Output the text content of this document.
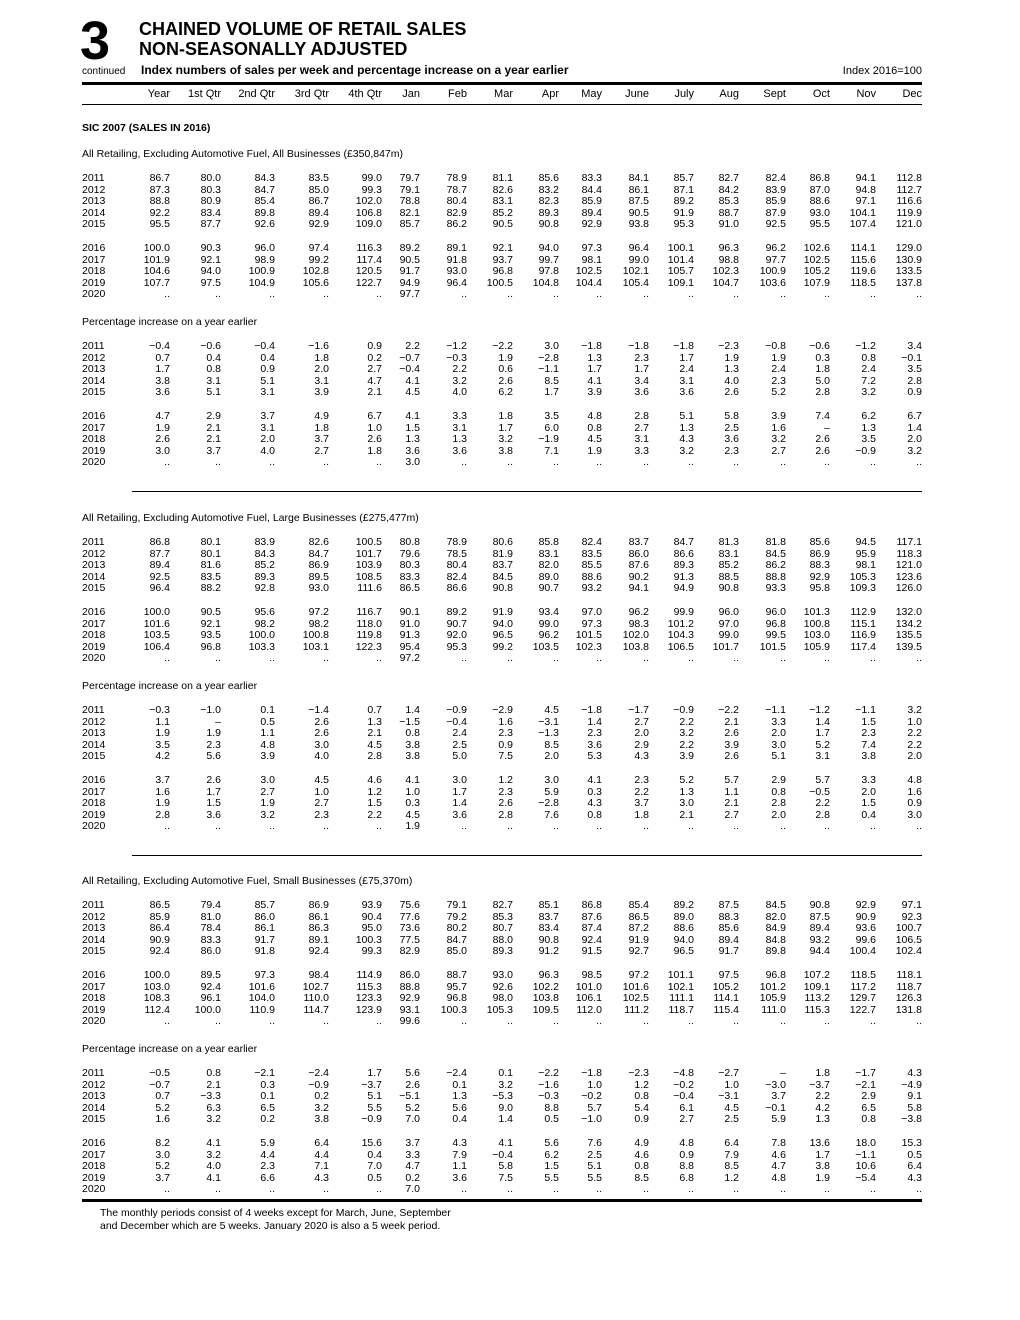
3 CHAINED VOLUME OF RETAIL SALES
NON-SEASONALLY ADJUSTED
continued Index numbers of sales per week and percentage increase on a year earlier	Index 2016=100
Year 1st Qtr 2nd Qtr 3rd Qtr 4th Qtr Jan	Feb Mar	Apr May June July Aug Sept Oct Nov Dec
SIC 2007 (SALES IN 2016)
All Retailing, Excluding Automotive Fuel, All Businesses (£350,847m)
2011	86.7	80.0	84.3	83.5	99.0 79.7	78.9 81.1 85.6 83.3	84.1 85.7 82.7	82.4 86.8 94.1 112.8
2012	87.3	80.3	84.7	85.0	99.3 79.1	78.7 82.6 83.2 84.4	86.1 87.1 84.2	83.9 87.0 94.8 112.7
2013	88.8	80.9	85.4	86.7	102.0 78.8	80.4 83.1 82.3 85.9	87.5 89.2 85.3	85.9 88.6 97.1 116.6
2014	92.2	83.4	89.8	89.4	106.8 82.1	82.9 85.2 89.3 89.4	90.5 91.9 88.7	87.9 93.0 104.1 119.9
2015	95.5	87.7	92.6	92.9	109.0 85.7	86.2 90.5 90.8 92.9	93.8 95.3 91.0	92.5 95.5 107.4 121.0
2016	100.0	90.3	96.0	97.4	116.3 89.2	89.1 92.1 94.0 97.3	96.4 100.1 96.3	96.2 102.6 114.1 129.0
2017	101.9	92.1	98.9	99.2	117.4 90.5	91.8 93.7 99.7 98.1	99.0 101.4 98.8	97.7 102.5 115.6 130.9
2018	104.6	94.0	100.9	102.8	120.5 91.7	93.0 96.8 97.8 102.5 102.1 105.7 102.3 100.9 105.2 119.6 133.5
2019	107.7	97.5	104.9	105.6	122.7 94.9	96.4 100.5 104.8 104.4 105.4 109.1 104.7 103.6 107.9 118.5 137.8
2020	..	..	..	..	.. 97.7	..	..	..	..	..	..	..	..	..	..	..
Percentage increase on a year earlier
2011	−0.4	−0.6	−0.4	−1.6	0.9 2.2	−1.2 −2.2	3.0 −1.8	−1.8 −1.8 −2.3	−0.8 −0.6 −1.2	3.4
2012	0.7	0.4	0.4	1.8	0.2 −0.7	−0.3	1.9 −2.8	1.3	2.3	1.7	1.9	1.9	0.3	0.8 −0.1
2013	1.7	0.8	0.9	2.0	2.7 −0.4	2.2	0.6 −1.1	1.7	1.7	2.4	1.3	2.4	1.8	2.4	3.5
2014	3.8	3.1	5.1	3.1	4.7 4.1	3.2	2.6	8.5	4.1	3.4	3.1	4.0	2.3	5.0	7.2	2.8
2015	3.6	5.1	3.1	3.9	2.1 4.5	4.0	6.2	1.7	3.9	3.6	3.6	2.6	5.2	2.8	3.2	0.9
2016	4.7	2.9	3.7	4.9	6.7 4.1	3.3	1.8	3.5	4.8	2.8	5.1	5.8	3.9	7.4	6.2	6.7
2017	1.9	2.1	3.1	1.8	1.0 1.5	3.1	1.7	6.0	0.8	2.7	1.3	2.5	1.6	–	1.3	1.4
2018	2.6	2.1	2.0	3.7	2.6 1.3	1.3	3.2 −1.9	4.5	3.1	4.3	3.6	3.2	2.6	3.5	2.0
2019	3.0	3.7	4.0	2.7	1.8 3.6	3.6	3.8	7.1	1.9	3.3	3.2	2.3	2.7	2.6 −0.9	3.2
2020	..	..	..	..	.. 3.0	..	..	..	..	..	..	..	..	..	..	..
All Retailing, Excluding Automotive Fuel, Large Businesses (£275,477m)
2011	86.8	80.1	83.9	82.6	100.5 80.8	78.9 80.6 85.8 82.4	83.7 84.7 81.3	81.8 85.6 94.5 117.1
2012	87.7	80.1	84.3	84.7	101.7 79.6	78.5 81.9 83.1 83.5	86.0 86.6 83.1	84.5 86.9 95.9 118.3
2013	89.4	81.6	85.2	86.9	103.9 80.3	80.4 83.7 82.0 85.5	87.6 89.3 85.2	86.2 88.3 98.1 121.0
2014	92.5	83.5	89.3	89.5	108.5 83.3	82.4 84.5 89.0 88.6	90.2 91.3 88.5	88.8 92.9 105.3 123.6
2015	96.4	88.2	92.8	93.0	111.6 86.5	86.6 90.8 90.7 93.2	94.1 94.9 90.8	93.3 95.8 109.3 126.0
2016	100.0	90.5	95.6	97.2	116.7 90.1	89.2 91.9 93.4 97.0	96.2 99.9 96.0	96.0 101.3 112.9 132.0
2017	101.6	92.1	98.2	98.2	118.0 91.0	90.7 94.0 99.0 97.3	98.3 101.2 97.0	96.8 100.8 115.1 134.2
2018	103.5	93.5	100.0	100.8	119.8 91.3	92.0 96.5 96.2 101.5 102.0 104.3 99.0	99.5 103.0 116.9 135.5
2019	106.4	96.8	103.3	103.1	122.3 95.4	95.3 99.2 103.5 102.3 103.8 106.5 101.7 101.5 105.9 117.4 139.5
2020	..	..	..	..	.. 97.2	..	..	..	..	..	..	..	..	..	..	..
Percentage increase on a year earlier
2011	−0.3	−1.0	0.1	−1.4	0.7 1.4	−0.9 −2.9	4.5 −1.8	−1.7 −0.9 −2.2	−1.1 −1.2 −1.1	3.2
2012	1.1	–	0.5	2.6	1.3 −1.5	−0.4	1.6 −3.1	1.4	2.7	2.2	2.1	3.3	1.4	1.5	1.0
2013	1.9	1.9	1.1	2.6	2.1 0.8	2.4	2.3 −1.3	2.3	2.0	3.2	2.6	2.0	1.7	2.3	2.2
2014	3.5	2.3	4.8	3.0	4.5 3.8	2.5	0.9	8.5	3.6	2.9	2.2	3.9	3.0	5.2	7.4	2.2
2015	4.2	5.6	3.9	4.0	2.8 3.8	5.0	7.5	2.0	5.3	4.3	3.9	2.6	5.1	3.1	3.8	2.0
2016	3.7	2.6	3.0	4.5	4.6 4.1	3.0	1.2	3.0	4.1	2.3	5.2	5.7	2.9	5.7	3.3	4.8
2017	1.6	1.7	2.7	1.0	1.2 1.0	1.7	2.3	5.9	0.3	2.2	1.3	1.1	0.8 −0.5	2.0	1.6
2018	1.9	1.5	1.9	2.7	1.5 0.3	1.4	2.6 −2.8	4.3	3.7	3.0	2.1	2.8	2.2	1.5	0.9
2019	2.8	3.6	3.2	2.3	2.2 4.5	3.6	2.8	7.6	0.8	1.8	2.1	2.7	2.0	2.8	0.4	3.0
2020	..	..	..	..	.. 1.9	..	..	..	..	..	..	..	..	..	..	..
All Retailing, Excluding Automotive Fuel, Small Businesses (£75,370m)
2011	86.5	79.4	85.7	86.9	93.9 75.6	79.1 82.7 85.1 86.8	85.4 89.2 87.5	84.5 90.8 92.9 97.1
2012	85.9	81.0	86.0	86.1	90.4 77.6	79.2 85.3 83.7 87.6	86.5 89.0 88.3	82.0 87.5 90.9 92.3
2013	86.4	78.4	86.1	86.3	95.0 73.6	80.2 80.7 83.4 87.4	87.2 88.6 85.6	84.9 89.4 93.6 100.7
2014	90.9	83.3	91.7	89.1	100.3 77.5	84.7 88.0 90.8 92.4	91.9 94.0 89.4	84.8 93.2 99.6 106.5
2015	92.4	86.0	91.8	92.4	99.3 82.9	85.0 89.3 91.2 91.5	92.7 96.5 91.7	89.8 94.4 100.4 102.4
2016	100.0	89.5	97.3	98.4	114.9 86.0	88.7 93.0 96.3 98.5	97.2 101.1 97.5	96.8 107.2 118.5 118.1
2017	103.0	92.4	101.6	102.7	115.3 88.8	95.7 92.6 102.2 101.0 101.6 102.1 105.2 101.2 109.1 117.2 118.7
2018	108.3	96.1	104.0	110.0	123.3 92.9	96.8 98.0 103.8 106.1 102.5 111.1 114.1 105.9 113.2 129.7 126.3
2019	112.4 100.0	110.9	114.7	123.9 93.1 100.3 105.3 109.5 112.0 111.2 118.7 115.4 111.0 115.3 122.7 131.8
2020	..	..	..	..	.. 99.6	..	..	..	..	..	..	..	..	..	..	..
Percentage increase on a year earlier
2011	−0.5	0.8	−2.1	−2.4	1.7 5.6	−2.4	0.1 −2.2 −1.8	−2.3 −4.8 −2.7	–	1.8 −1.7	4.3
2012	−0.7	2.1	0.3	−0.9	−3.7 2.6	0.1	3.2 −1.6	1.0	1.2 −0.2	1.0	−3.0 −3.7 −2.1 −4.9
2013	0.7	−3.3	0.1	0.2	5.1 −5.1	1.3 −5.3 −0.3 −0.2	0.8 −0.4 −3.1	3.7	2.2	2.9	9.1
2014	5.2	6.3	6.5	3.2	5.5 5.2	5.6	9.0	8.8	5.7	5.4	6.1	4.5	−0.1	4.2	6.5	5.8
2015	1.6	3.2	0.2	3.8	−0.9 7.0	0.4	1.4	0.5 −1.0	0.9	2.7	2.5	5.9	1.3	0.8 −3.8
2016	8.2	4.1	5.9	6.4	15.6 3.7	4.3	4.1	5.6	7.6	4.9	4.8	6.4	7.8 13.6 18.0 15.3
2017	3.0	3.2	4.4	4.4	0.4 3.3	7.9 −0.4	6.2	2.5	4.6	0.9	7.9	4.6	1.7 −1.1	0.5
2018	5.2	4.0	2.3	7.1	7.0 4.7	1.1	5.8	1.5	5.1	0.8	8.8	8.5	4.7	3.8 10.6	6.4
2019	3.7	4.1	6.6	4.3	0.5 0.2	3.6	7.5	5.5	5.5	8.5	6.8	1.2	4.8	1.9 −5.4	4.3
2020	..	..	..	..	.. 7.0	..	..	..	..	..	..	..	..	..	..	..
The monthly periods consist of 4 weeks except for March, June, September
and December which are 5 weeks. January 2020 is also a 5 week period.
